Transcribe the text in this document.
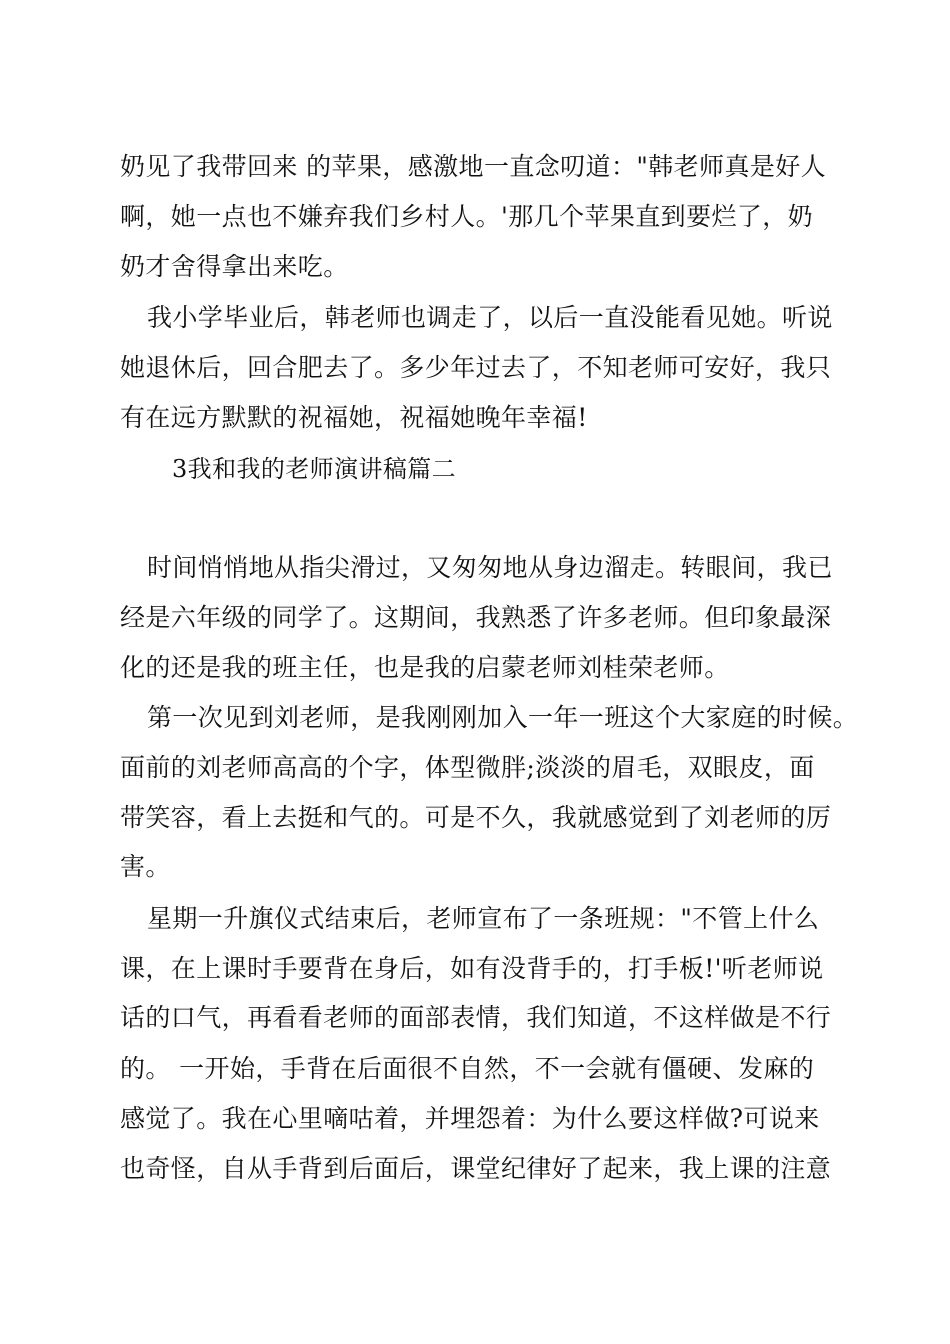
奶见了我带回来 的苹果，感激地一直念叨道："韩老师真是好人
啊，她一点也不嫌弃我们乡村人。'那几个苹果直到要烂了，奶
奶才舍得拿出来吃。
我小学毕业后，韩老师也调走了，以后一直没能看见她。听说
她退休后，回合肥去了。多少年过去了，不知老师可安好，我只
有在远方默默的祝福她，祝福她晚年幸福!
3我和我的老师演讲稿篇二
时间悄悄地从指尖滑过，又匆匆地从身边溜走。转眼间，我已
经是六年级的同学了。这期间，我熟悉了许多老师。但印象最深
化的还是我的班主任，也是我的启蒙老师刘桂荣老师。
第一次见到刘老师，是我刚刚加入一年一班这个大家庭的时候。
面前的刘老师高高的个字，体型微胖;淡淡的眉毛，双眼皮，面
带笑容，看上去挺和气的。可是不久，我就感觉到了刘老师的厉
害。
星期一升旗仪式结束后，老师宣布了一条班规："不管上什么
课，在上课时手要背在身后，如有没背手的，打手板!'听老师说
话的口气，再看看老师的面部表情，我们知道，不这样做是不行
的。 一开始，手背在后面很不自然，不一会就有僵硬、发麻的
感觉了。我在心里嘀咕着，并埋怨着：为什么要这样做?可说来
也奇怪，自从手背到后面后，课堂纪律好了起来，我上课的注意
